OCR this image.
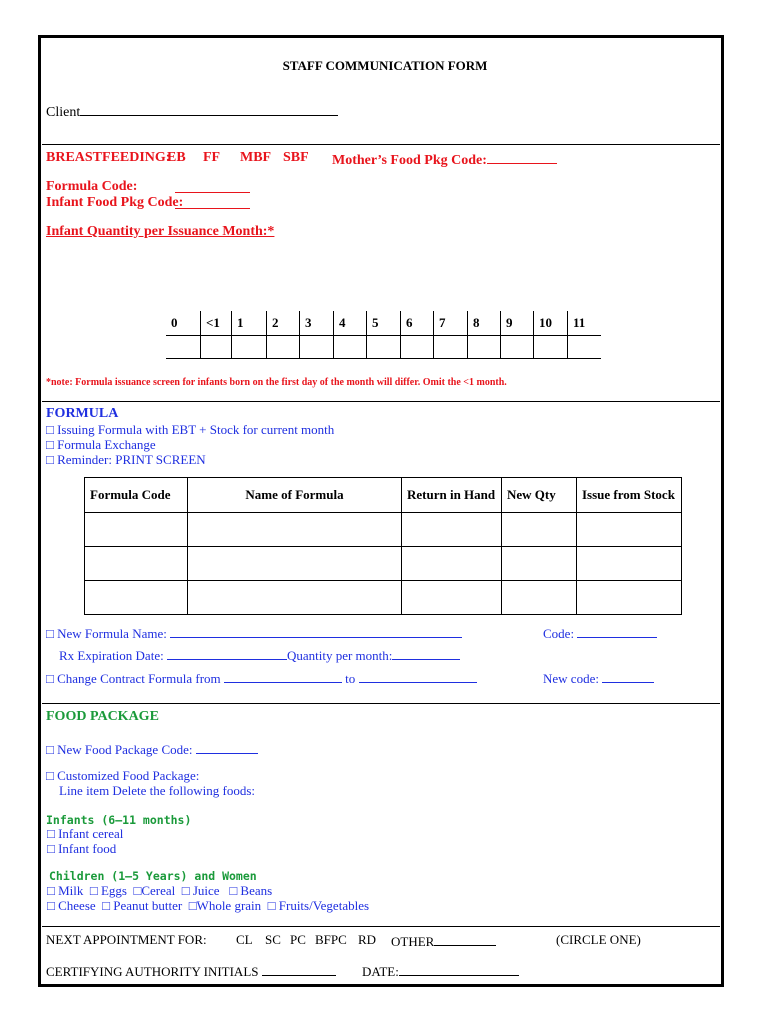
STAFF COMMUNICATION FORM
Client
BREASTFEEDING:
EB FF MBF SBF Mother’s Food Pkg Code:
Formula Code:
Infant Food Pkg Code:
Infant Quantity per Issuance Month:*
0	<1	1	2	3	4	5	6	7	8	9	10	11

*note: Formula issuance screen for infants born on the first day of the month will differ. Omit the <1 month.
FORMULA
□ Issuing Formula with EBT + Stock for current month
□ Formula Exchange
□ Reminder: PRINT SCREEN
Formula Code	Name of Formula	Return in Hand	New Qty	Issue from Stock

□ New Formula Name:	Code:
Rx Expiration Date:	Quantity per month:
□ Change Contract Formula from	to	New code:
FOOD PACKAGE
□ New Food Package Code:
□ Customized Food Package:
Line item Delete the following foods:
Infants (6–11 months)
□ Infant cereal
□ Infant food
Children (1–5 Years) and Women
□ Milk  □ Eggs  □Cereal  □ Juice   □ Beans
□ Cheese  □ Peanut butter  □Whole grain  □ Fruits/Vegetables
NEXT APPOINTMENT FOR: CL SC PC BFPC RD OTHER	(CIRCLE ONE)
CERTIFYING AUTHORITY INITIALS	DATE:
